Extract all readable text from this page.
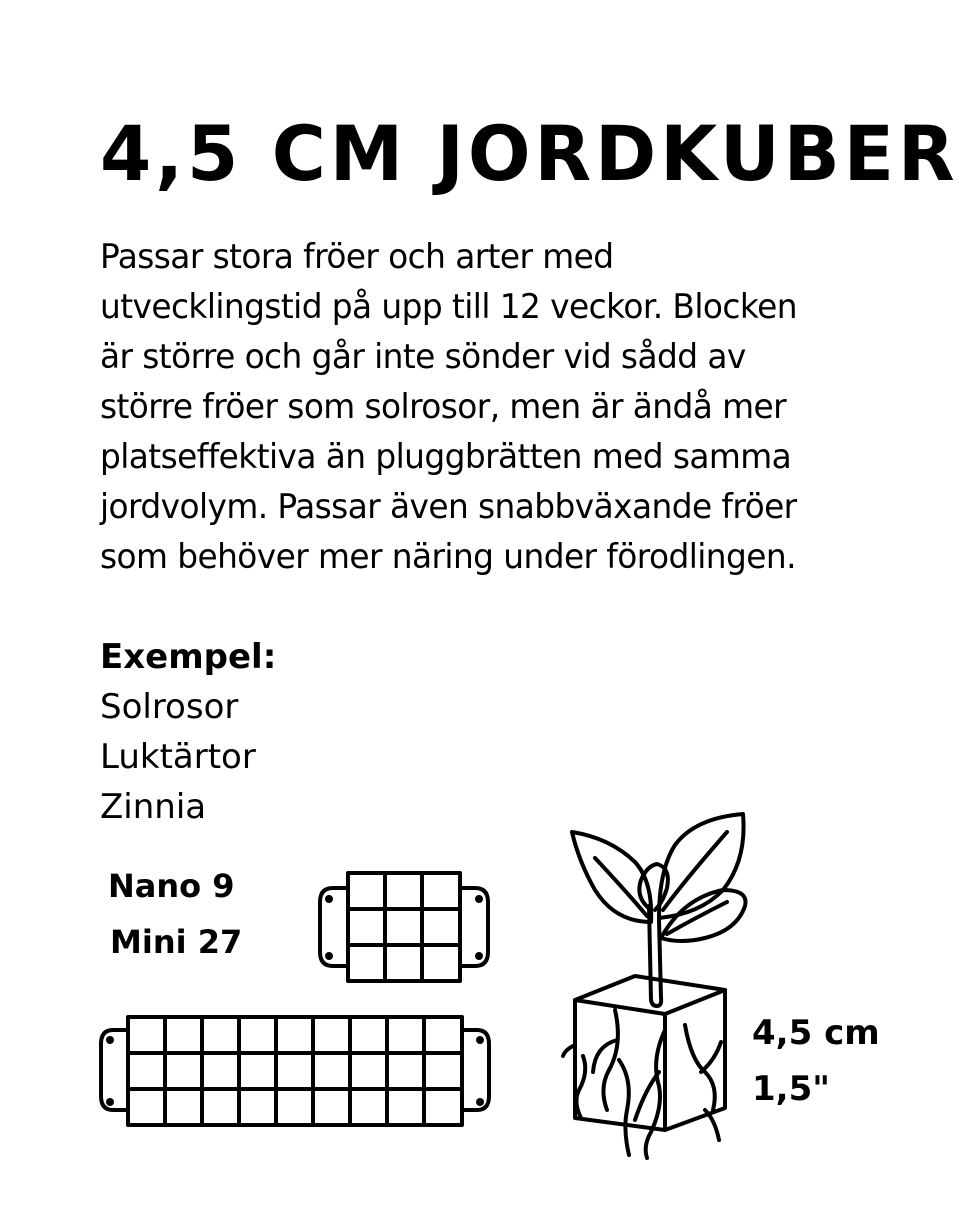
4,5 CM JORDKUBER
Passar stora fröer och arter med
utvecklingstid på upp till 12 veckor. Blocken
är större och går inte sönder vid sådd av
större fröer som solrosor, men är ändå mer
platseffektiva än pluggbrätten med samma
jordvolym. Passar även snabbväxande fröer
som behöver mer näring under förodlingen.

Exempel:

Solrosor
Luktärtor
Zinnia
Nano 9
Mini 27
4,5 cm
1,5"
